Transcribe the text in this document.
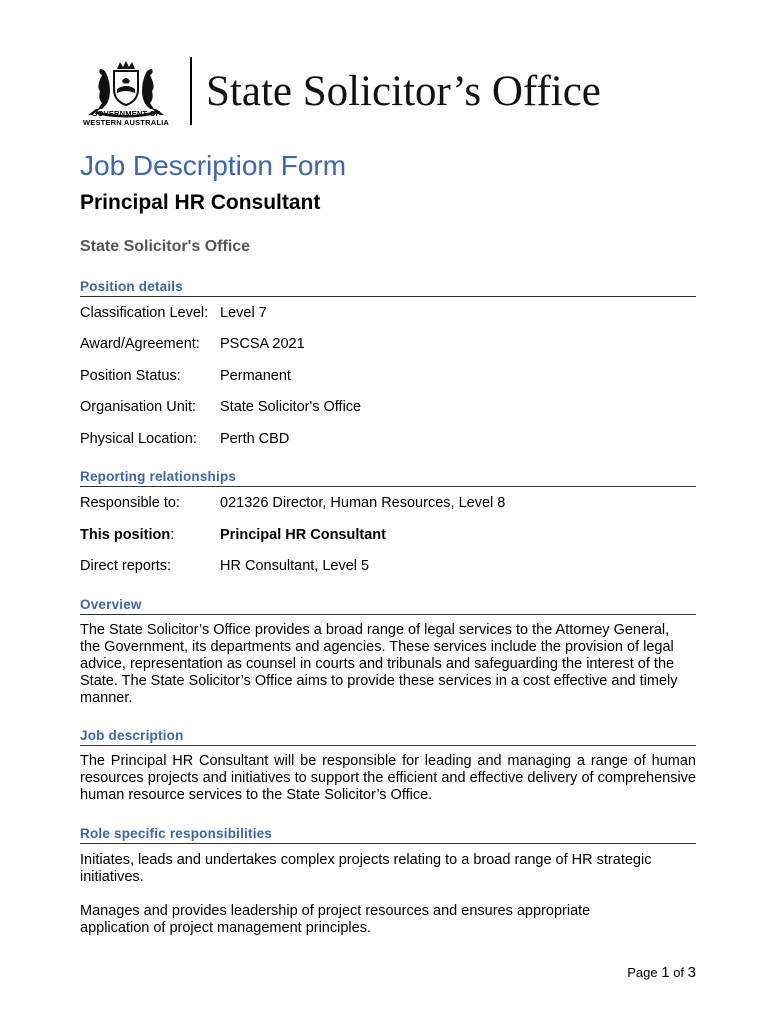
GOVERNMENT OF
WESTERN AUSTRALIA
State Solicitor’s Office
Job Description Form
Principal HR Consultant
State Solicitor's Office
Position details
Classification Level: Level 7
Award/Agreement: PSCSA 2021
Position Status:	Permanent
Organisation Unit: State Solicitor's Office
Physical Location: Perth CBD
Reporting relationships
Responsible to:	021326 Director, Human Resources, Level 8
This position:	Principal HR Consultant
Direct reports:	HR Consultant, Level 5
Overview
The State Solicitor’s Office provides a broad range of legal services to the Attorney General, the Government, its departments and agencies. These services include the provision of legal advice, representation as counsel in courts and tribunals and safeguarding the interest of the State. The State Solicitor’s Office aims to provide these services in a cost effective and timely manner.
Job description
The Principal HR Consultant will be responsible for leading and managing a range of human resources projects and initiatives to support the efficient and effective delivery of comprehensive human resource services to the State Solicitor’s Office.
Role specific responsibilities
Initiates, leads and undertakes complex projects relating to a broad range of HR strategic initiatives.
Manages and provides leadership of project resources and ensures appropriate application of project management principles.
Page 1 of 3
